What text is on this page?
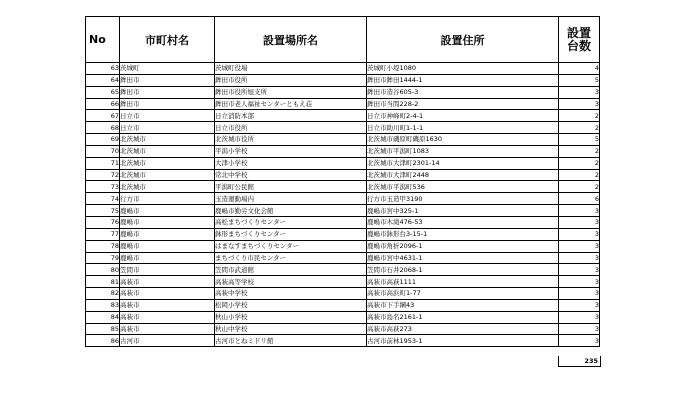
No	市町村名	設置場所名	設置住所	設置
台数
63	茨城町	茨城町役場	茨城町小堤1080	4
64	鉾田市	鉾田市役所	鉾田市鉾田1444-1	5
65	鉾田市	鉾田市役所旭支所	鉾田市造谷605-3	3
66	鉾田市	鉾田市老人福祉センターともえ荘	鉾田市当間228-2	3
67	日立市	日立消防本部	日立市神峰町2-4-1	2
68	日立市	日立市役所	日立市助川町1-1-1	2
69	北茨城市	北茨城市役所	北茨城市磯原町磯原1630	5
70	北茨城市	平潟小学校	北茨城市平潟町1083	2
71	北茨城市	大津小学校	北茨城市大津町2301-14	2
72	北茨城市	常北中学校	北茨城市大津町2448	2
73	北茨城市	平潟町公民館	北茨城市平潟町536	2
74	行方市	玉造運動場内	行方市玉造甲3190	6
75	鹿嶋市	鹿嶋市勤労文化会館	鹿嶋市宮中325-1	3
76	鹿嶋市	高松まちづくりセンター	鹿嶋市木滝476-53	3
77	鹿嶋市	鉢形まちづくりセンター	鹿嶋市鉢形台3-15-1	3
78	鹿嶋市	はまなすまちづくりセンター	鹿嶋市角折2096-1	3
79	鹿嶋市	まちづくり市民センター	鹿嶋市宮中4631-1	3
80	笠間市	笠間市武道館	笠間市石井2068-1	3
81	高萩市	高萩高等学校	高萩市高萩1111	3
82	高萩市	高萩中学校	高萩市高浜町1-77	3
83	高萩市	松岡小学校	高萩市下手綱43	3
84	高萩市	秋山小学校	高萩市島名2161-1	3
85	高萩市	秋山中学校	高萩市高萩273	3
86	古河市	古河市とねミドリ館	古河市前林1953-1	3
235
